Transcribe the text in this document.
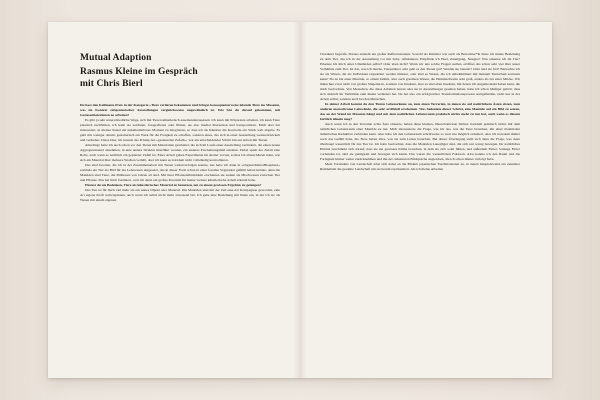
Mutual Adaption
Rasmus Kleine im Gespräch
mit Chris Bierl

Du hast den Kallmann-Preis in der Kategorie »Tiere verlieren bekommen und bringst konsequenterweise lebende Tiere ins Museum, was im Kontext zeitgenössischer Ausstellungen vergleichsweise ungewöhnlich ist. Wie bist du darauf gekommen, mit Gottesanbeterinnen zu arbeiten?

Es gibt ja sehr unterschiedliche Wege, sich mit Tieren künstlerisch auseinanderzusetzen: Ich kann mit Präparaten arbeiten, ich kann Tiere plastisch nachbilden, ich kann sie zeichnen, fotografieren oder filmen, sie also medial übersetzen und transportieren. Mich aber hat interessiert, in meiner Kunst ein unkalkulierbares Moment zu integrieren, so dass ich als Künstler die Kontrolle ein Stück weit abgebe. Es geht mir weniger darum, gestalterisch ein Werk für die Ewigkeit zu schaffen, sondern eines, das sich in einer Ausstellung weiterentwickelt und verändert. Diese Idee, im Grunde das Prinzip des »gesteuerten Zufalls«, war ein entscheidender Schritt hin zur Arbeit mit Tieren.

Allerdings hatte ich auch schon vor den Tieren mit Materialien gearbeitet, die sich im Laufe einer Ausstellung verändern, die einen neuen Aggregatzustand annehmen, in eine andere Struktur überführt werden, ein anderes Erscheinungsbild erhalten. Dabei spielt der Zufall eine Rolle, auch wenn es natürlich ein geplanter Zufall ist. Einer Arbeit gehen Experimente im Atelier voraus, sodass ich abzuschätzen kann, wie sich ein Material über mehrere Wochen verhält, aber ich kann es trotzdem nicht vollständig kontrollieren.

Das sind facetten, die ich in der Zusammenarbeit mit Tieren weiterverfolgen konnte, zuz habe ich dann in »OrganicMatterBiosphere« erstmals ein Tier als Bild für ein Lebewesen eingesetzt, das in dieser Form schon in einer fossilen Vegetation gefühlt haben könnte, denn die Mantiden sind Tiere, die Millionen von Jahren alt sind. Mir ihrer Pflanzenähnlichkeit erscheinen sie zudem als Mischwesen zwischen Tier und Pflanze. Das hat mich fasziniert, weil ich darin ein großes Potential für meine weitere künstlerische Arbeit erkannt habe.

Hattest du nie Bedenken, Tiere als künstlerisches Material zu benutzen, um zu einem gewissen Ergebnis zu gelangen?

Das Tier ist für mich viel mehr als ein reines Objekt oder Material. Die Mantiden sind mit der Zeit eine Art Kompagnon geworden, eine Art eigene Kraft weiterspinnen, auch wenn ich selbst nicht mehr anwesend bin. Ich gehe eine Beziehung mit ihnen ein, in der ich sie als Wesen mit einem eigenen

Charakter begreife. Daraus entsteht ein großer Reflexionsraum. Sowohl als Künstler wie auch als Betrachter*in muss ich meine Beziehung zu dem Tier, das ich in der Ausstellung vor mir habe, reflektieren. Empfinde ich Ekel, Zuneigung, Neugier? Was erkenne ich im Tier? Erkenne ich mich unter Umständen selbst? Oder eben nicht? Wenn wir uns solche Fragen stellen, eröffnet das schon sehr viel über unser Verhältnis zum Tier. Ist das, was ich mache, Tierquälerei oder geht es den Tieren gut? Werden sie benutzt? Oder sind sie frei? Bernachte ich sie als Wesen, die als Individuen respektiert werden müssen, oder sind es Wesen, die ich unbekümmert mit meinem Turnschuh zertreten kann? Da ist bei einer Mantide, so einem Iaölim, aber auch grazilsen Wesen, die Hemmschwelle sehr groß, anders als bei einer Mücke. Wir müen hier zwar nicht von großen Singetieren, sondern von Insekten, aber es sind eben Insekten, mit denen ich Augenkontakt haben kann, die mich beobachten. Von Menschen, die diese Arbeiten bereut oder sie in Ausstellungen gesehen haben, habe ich schon häufiger gehört, dass sich dadurch ihr Verhältnis zum Insekt verändert hat. Da hat also ein erfolgreicher Transformationsprozess stattgefunden, nicht nur in der Arbeit selbst, sondern auch bei den Menschen.

In deiner Arbeit kommt du den Tieren Lebensräume an, zum einen Terrarien, in denen sie auf natürlichem Ästen sitzen, zum anderen monochrome Leinwände, die sehr artifiziell erscheinen. Was bedeutete dieser Schritt, eine Mantide auf ein Bild zu setzen, das an der Wand im Museum hängt und mit dem natürlichen Lebensraum praktisch nichts mehr zu tun hat, auch wenn es diesem farblich ähneln mag?

Auch wenn ich in den Terrarien echte Äste einsetze, haben diese kleinen, überschaubaren Welten trotzdem praktisch nichts mit dem natürlichen Lebensraum einer Mantide zu tun. Mich interessierte die Frage, wie ich das, was die Tiere brauchen, mit einer maximalen ästhetischen Reduktion verbinden kann. Also habe ich den Lebensraum schrittweise so weit wie möglich reduziert, dass ich trotzdem immer noch das Gefühl habe, die Tiere haben alles, was sie zum Leben brauchen. Bei dieser Überlegung stellt sich dann die Frage, was denn überhaupt wesentlich für das Tier ist. Ich hatte beobachtet, dass die Mantiden Lauerjäger sind, die sich nur wenig bewegen. Ihr natürliches Habitat beschränkt sich darauf, dass sie ein gewisses Klima brauchen, in dem sie sich wohl fühlen, und außerdem Futter. Solange Futter vorhanden ist, sind sie genügsam und bewegen sich kaum. Das waren die wesentlichen Faktoren. Alos konnte ich den Raum und die Farbigkeit immer weiter zurücknehmen und ihn der reduzierten Bildsprache angleichen, die ich schon immer verfolgt habe.

Mein Vorstndnis von Landschaft lebst sich dabei an die Bildern japanischen Taschmalereien an, in denen beispielsweise ein einzelner Rumhabaln die gesamte Landschaft um sie herum repräsentiert. Als ich meine Arbeiten
